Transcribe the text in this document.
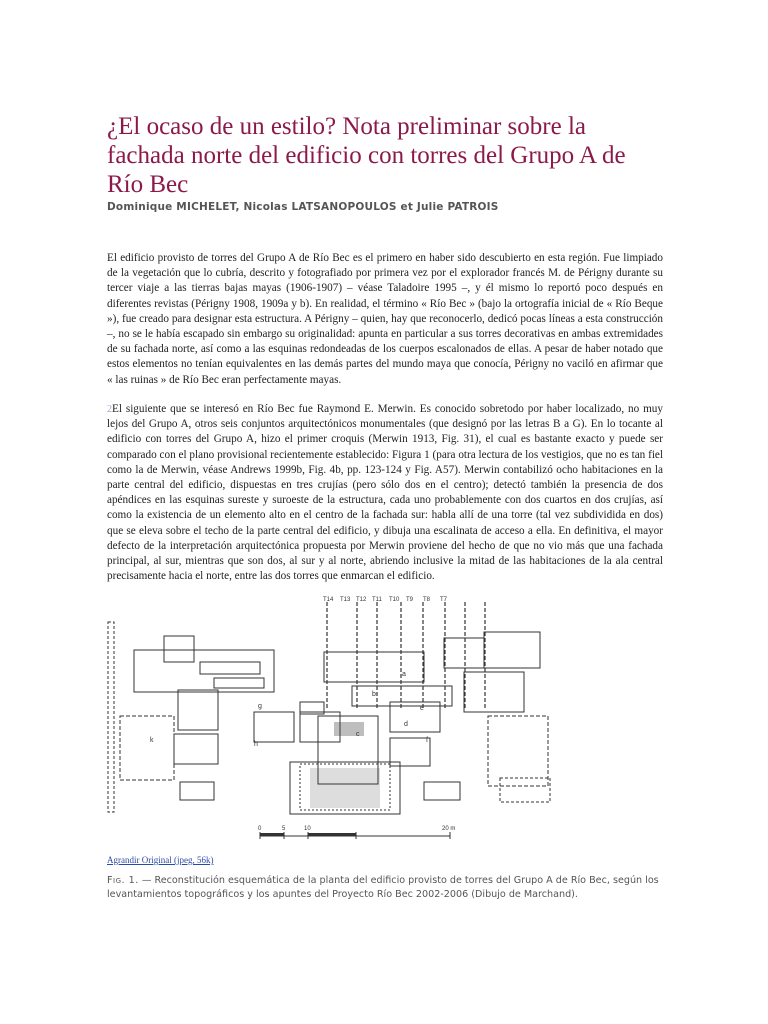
¿El ocaso de un estilo? Nota preliminar sobre la fachada norte del edificio con torres del Grupo A de Río Bec
Dominique MICHELET, Nicolas LATSANOPOULOS et Julie PATROIS

El edificio provisto de torres del Grupo A de Río Bec es el primero en haber sido descubierto en esta región. Fue limpiado de la vegetación que lo cubría, descrito y fotografiado por primera vez por el explorador francés M. de Périgny durante su tercer viaje a las tierras bajas mayas (1906-1907) – véase Taladoire 1995 –, y él mismo lo reportó poco después en diferentes revistas (Périgny 1908, 1909a y b). En realidad, el término « Río Bec » (bajo la ortografía inicial de « Río Beque »), fue creado para designar esta estructura. A Périgny – quien, hay que reconocerlo, dedicó pocas líneas a esta construcción –, no se le había escapado sin embargo su originalidad: apunta en particular a sus torres decorativas en ambas extremidades de su fachada norte, así como a las esquinas redondeadas de los cuerpos escalonados de ellas. A pesar de haber notado que estos elementos no tenían equivalentes en las demás partes del mundo maya que conocía, Périgny no vaciló en afirmar que « las ruinas » de Río Bec eran perfectamente mayas.

2El siguiente que se interesó en Río Bec fue Raymond E. Merwin. Es conocido sobretodo por haber localizado, no muy lejos del Grupo A, otros seis conjuntos arquitectónicos monumentales (que designó por las letras B a G). En lo tocante al edificio con torres del Grupo A, hizo el primer croquis (Merwin 1913, Fig. 31), el cual es bastante exacto y puede ser comparado con el plano provisional recientemente establecido: Figura 1 (para otra lectura de los vestigios, que no es tan fiel como la de Merwin, véase Andrews 1999b, Fig. 4b, pp. 123-124 y Fig. A57). Merwin contabilizó ocho habitaciones en la parte central del edificio, dispuestas en tres crujías (pero sólo dos en el centro); detectó también la presencia de dos apéndices en las esquinas sureste y suroeste de la estructura, cada uno probablemente con dos cuartos en dos crujías, así como la existencia de un elemento alto en el centro de la fachada sur: habla allí de una torre (tal vez subdividida en dos) que se eleva sobre el techo de la parte central del edificio, y dibuja una escalinata de acceso a ella. En definitiva, el mayor defecto de la interpretación arquitectónica propuesta por Merwin proviene del hecho de que no vio más que una fachada principal, al sur, mientras que son dos, al sur y al norte, abriendo inclusive la mitad de las habitaciones de la ala central precisamente hacia el norte, entre las dos torres que enmarcan el edificio.

T14 T13 T12 T11 T10 T9 T8 T7
a
b
c
d
e
f
g
h
k
0	5	10	20 m
Agrandir Original (jpeg, 56k)

Fig. 1. — Reconstitución esquemática de la planta del edificio provisto de torres del Grupo A de Río Bec, según los levantamientos topográficos y los apuntes del Proyecto Río Bec 2002-2006 (Dibujo de Marchand).
